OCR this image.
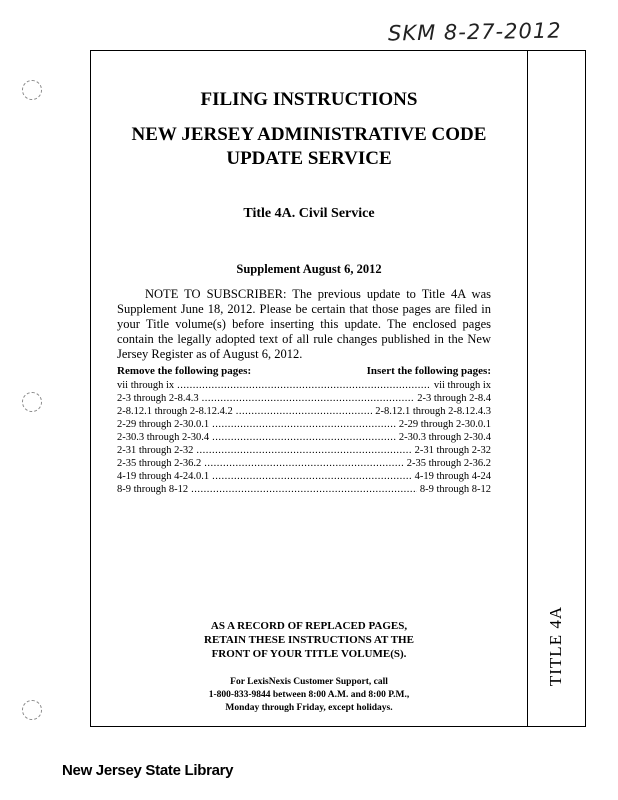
SKM 8-27-2012
TITLE 4A
FILING INSTRUCTIONS
NEW JERSEY ADMINISTRATIVE CODE
UPDATE SERVICE
Title 4A. Civil Service
Supplement August 6, 2012
NOTE TO SUBSCRIBER: The previous update to Title 4A was Supplement June 18, 2012. Please be certain that those pages are filed in your Title volume(s) before inserting this update. The enclosed pages contain the legally adopted text of all rule changes published in the New Jersey Register as of August 6, 2012.
Remove the following pages:	Insert the following pages:
vii through ix .....	vii through ix
2-3 through 2-8.4.3 .....	2-3 through 2-8.4
2-8.12.1 through 2-8.12.4.2 .....	2-8.12.1 through 2-8.12.4.3
2-29 through 2-30.0.1 .....	2-29 through 2-30.0.1
2-30.3 through 2-30.4 .....	2-30.3 through 2-30.4
2-31 through 2-32 .....	2-31 through 2-32
2-35 through 2-36.2 .....	2-35 through 2-36.2
4-19 through 4-24.0.1 .....	4-19 through 4-24
8-9 through 8-12 .....	8-9 through 8-12
AS A RECORD OF REPLACED PAGES,
RETAIN THESE INSTRUCTIONS AT THE
FRONT OF YOUR TITLE VOLUME(S).
For LexisNexis Customer Support, call
1-800-833-9844 between 8:00 A.M. and 8:00 P.M.,
Monday through Friday, except holidays.
New Jersey State Library
